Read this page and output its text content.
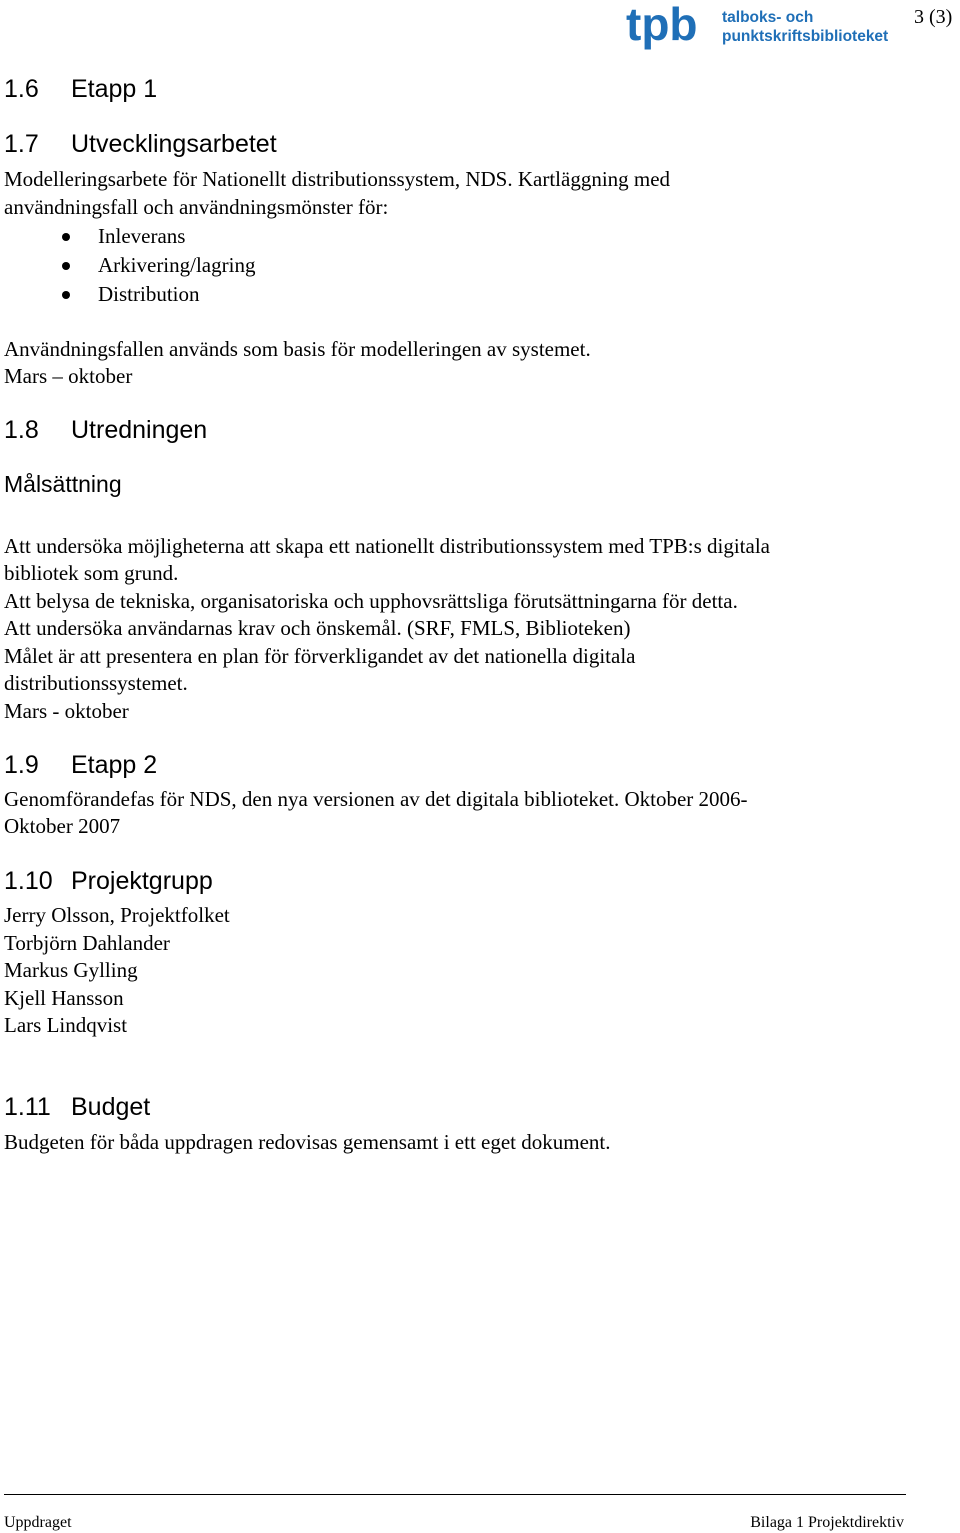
tpb talboks- och
punktskriftsbiblioteket
3 (3)
1.6 Etapp 1
1.7 Utvecklingsarbetet
Modelleringsarbete för Nationellt distributionssystem, NDS. Kartläggning med
användningsfall och användningsmönster för:
Inleverans
Arkivering/lagring
Distribution
Användningsfallen används som basis för modelleringen av systemet.
Mars – oktober
1.8 Utredningen
Målsättning
Att undersöka möjligheterna att skapa ett nationellt distributionssystem med TPB:s digitala
bibliotek som grund.
Att belysa de tekniska, organisatoriska och upphovsrättsliga förutsättningarna för detta.
Att undersöka användarnas krav och önskemål. (SRF, FMLS, Biblioteken)
Målet är att presentera en plan för förverkligandet av det nationella digitala
distributionssystemet.
Mars - oktober
1.9 Etapp 2
Genomförandefas för NDS, den nya versionen av det digitala biblioteket. Oktober 2006-
Oktober 2007
1.10 Projektgrupp
Jerry Olsson, Projektfolket
Torbjörn Dahlander
Markus Gylling
Kjell Hansson
Lars Lindqvist
1.11 Budget
Budgeten för båda uppdragen redovisas gemensamt i ett eget dokument.
Uppdraget	Bilaga 1 Projektdirektiv
